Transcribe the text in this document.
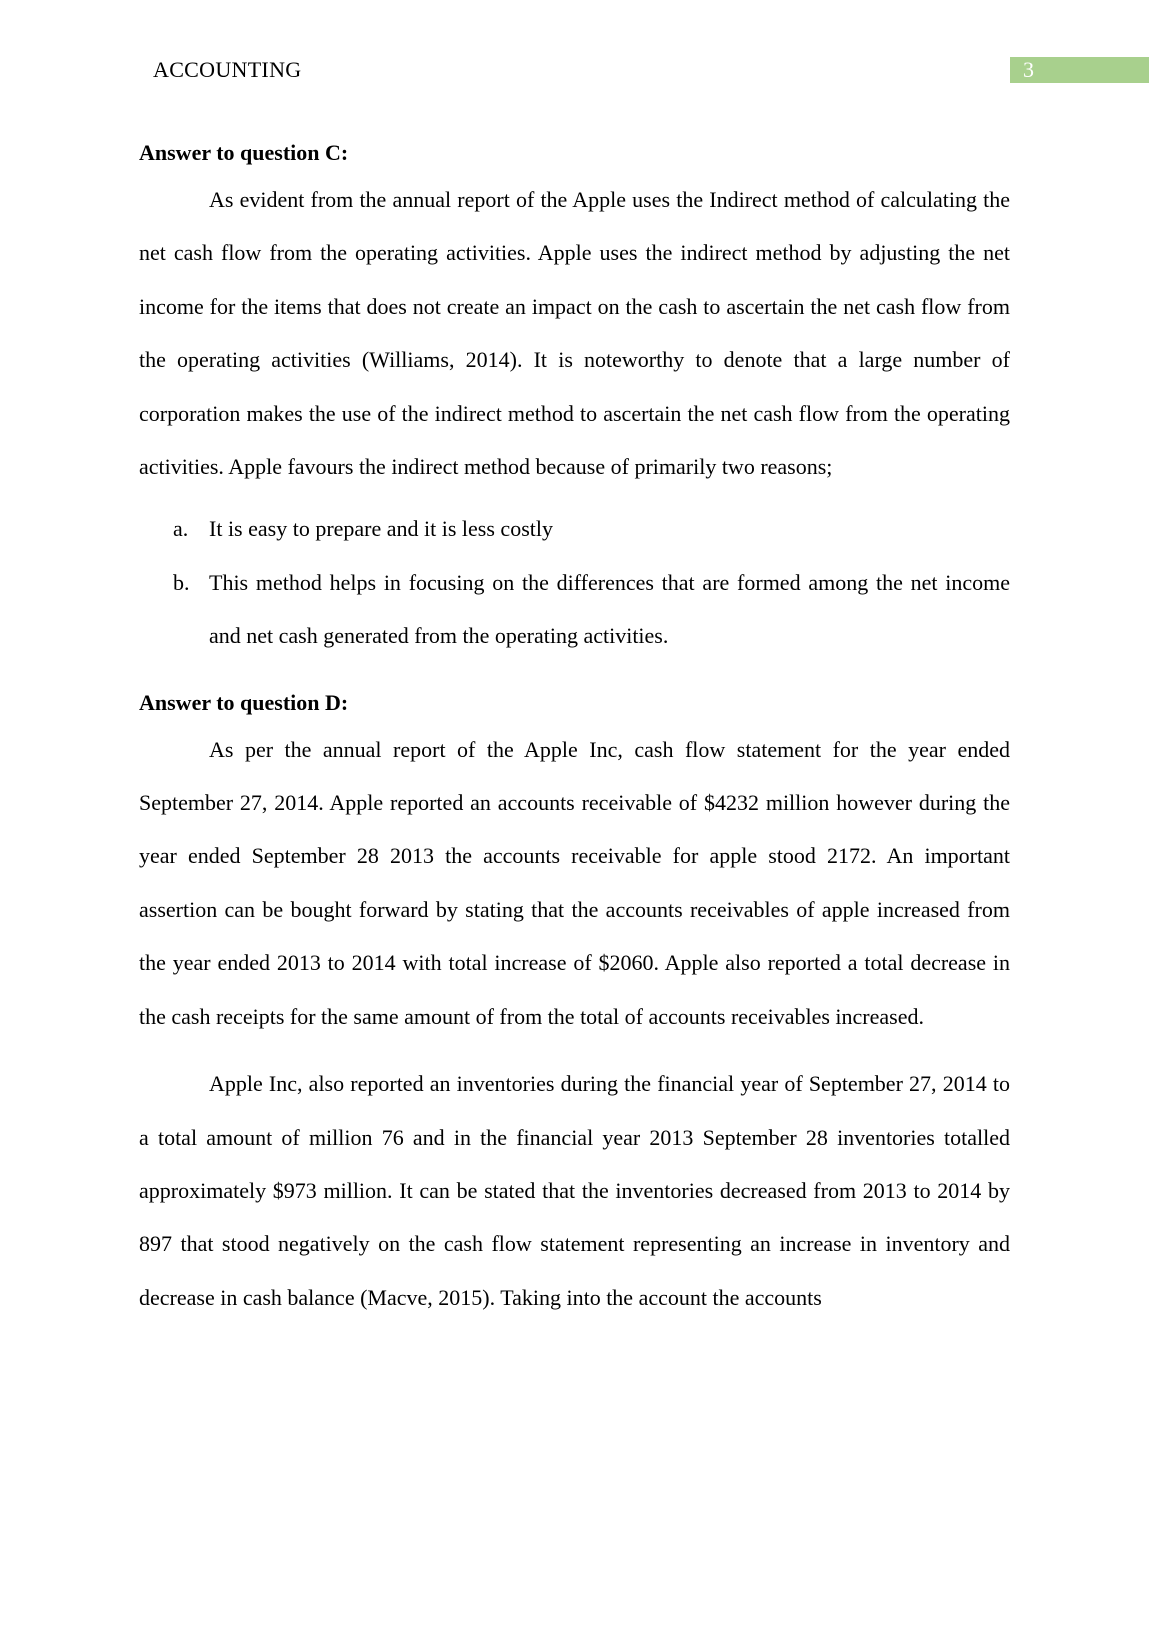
ACCOUNTING	3

Answer to question C:

As evident from the annual report of the Apple uses the Indirect method of calculating the net cash flow from the operating activities. Apple uses the indirect method by adjusting the net income for the items that does not create an impact on the cash to ascertain the net cash flow from the operating activities (Williams, 2014). It is noteworthy to denote that a large number of corporation makes the use of the indirect method to ascertain the net cash flow from the operating activities. Apple favours the indirect method because of primarily two reasons;

a. It is easy to prepare and it is less costly
b. This method helps in focusing on the differences that are formed among the net income and net cash generated from the operating activities.

Answer to question D:

As per the annual report of the Apple Inc, cash flow statement for the year ended September 27, 2014. Apple reported an accounts receivable of $4232 million however during the year ended September 28 2013 the accounts receivable for apple stood 2172. An important assertion can be bought forward by stating that the accounts receivables of apple increased from the year ended 2013 to 2014 with total increase of $2060. Apple also reported a total decrease in the cash receipts for the same amount of from the total of accounts receivables increased.

Apple Inc, also reported an inventories during the financial year of September 27, 2014 to a total amount of million 76 and in the financial year 2013 September 28 inventories totalled approximately $973 million. It can be stated that the inventories decreased from 2013 to 2014 by 897 that stood negatively on the cash flow statement representing an increase in inventory and decrease in cash balance (Macve, 2015). Taking into the account the accounts
